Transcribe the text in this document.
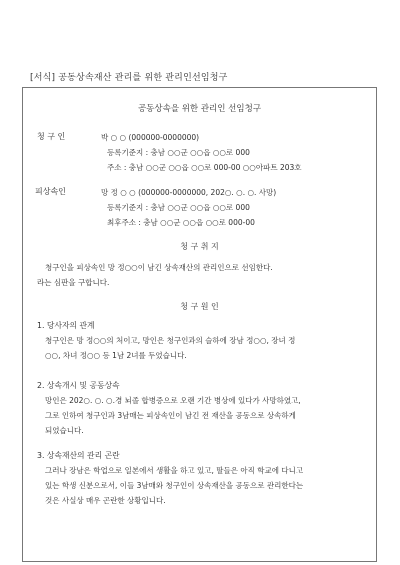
[서식] 공동상속재산 관리를 위한 관리인선임청구
공동상속을 위한 관리인 선임청구
청 구 인	박 ○ ○ (000000-0000000)
등록기준지 : 충남 ○○군 ○○읍 ○○로 000
주소 : 충남 ○○군 ○○읍 ○○로 000-00 ○○아파트 203호
피상속인	망 정 ○ ○ (000000-0000000, 202○. ○. ○. 사망)
등록기준지 : 충남 ○○군 ○○읍 ○○로 000
최후주소 : 충남 ○○군 ○○읍 ○○로 000-00
청 구 취 지
청구인을 피상속인 망 정○○이 남긴 상속재산의 관리인으로 선임한다.
라는 심판을 구합니다.
청 구 원 인
1. 당사자의 관계
청구인은 망 정○○의 처이고, 망인은 청구인과의 슬하에 장남 정○○, 장녀 정
○○, 차녀 정○○ 등 1남 2녀를 두었습니다.
2. 상속개시 및 공동상속
망인은 202○. ○. ○.경 뇌졸 합병증으로 오랜 기간 병상에 있다가 사망하였고,
그로 인하여 청구인과 3남매는 피상속인이 남긴 전 재산을 공동으로 상속하게
되었습니다.
3. 상속재산의 관리 곤란
그러나 장남은 학업으로 일본에서 생활을 하고 있고, 딸들은 아직 학교에 다니고
있는 학생 신분으로서, 이들 3남매와 청구인이 상속재산을 공동으로 관리한다는
것은 사실상 매우 곤란한 상황입니다.
